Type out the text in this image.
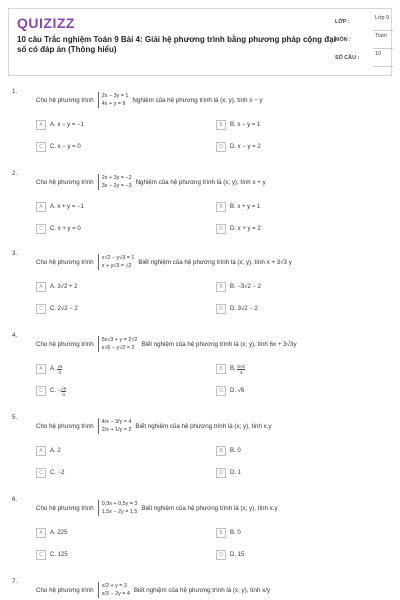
QUIZIZZ
10 câu Trắc nghiệm Toán 9 Bài 4: Giải hệ phương trình bằng phương pháp cộng đại số có đáp án (Thông hiểu)
LỚP :
Lớp 9
MÔN :
Toán
SỐ CÂU :
10
1.
Cho hệ phương trình
2x − 3y = 1
4x + y = 9
Nghiệm của hệ phương trình là (x; y), tính x − y
A	A. x − y = −1	B	B. x − y = 1
C	C. x − y = 0	D	D. x − y = 2
2.
Cho hệ phương trình
2x + 3y = −2
3x − 2y = −3
Nghiệm của hệ phương trình là (x; y), tính x + y
A	A. x + y = −1	B	B. x + y = 1
C	C. x + y = 0	D	D. x + y = 2
3.
Cho hệ phương trình
x√2 − y√3 = 1
x + y√3 = √2
Biết nghiệm của hệ phương trình là (x; y), tính x + 3√3 y
A	A. 3√2 + 2	B	B. −3√2 − 2
C	C. 2√2 − 2	D	D. 3√2 − 2
4.
Cho hệ phương trình
5x√3 + y = 2√2
x√6 − y√2 = 2
Biết nghiệm của hệ phương trình là (x; y), tính 6x + 3√3y
A	A.
$\frac{√6}{3}$	B	B.
$\frac{5√6}{3}$
C	C. − $\frac{√6}{3}$	D	D. √6
5.
Cho hệ phương trình
4/x − 3/y = 4
2/x + 1/y = 2
Biết nghiệm của hệ phương trình là (x; y), tính x.y
A	A. 2	B	B. 0
C	C. −2	D	D. 1
6.
Cho hệ phương trình
0,3x + 0,5y = 3
1,5x − 2y = 1,5
Biết nghiệm của hệ phương trình là (x; y), tính x.y
A	A. 225	B	B. 0
C	C. 125	D	D. 15
7.
Cho hệ phương trình
x/2 + y = 3
x/3 − 2y = 4
Biết nghiệm của hệ phương trình là (x; y), tính x/y
